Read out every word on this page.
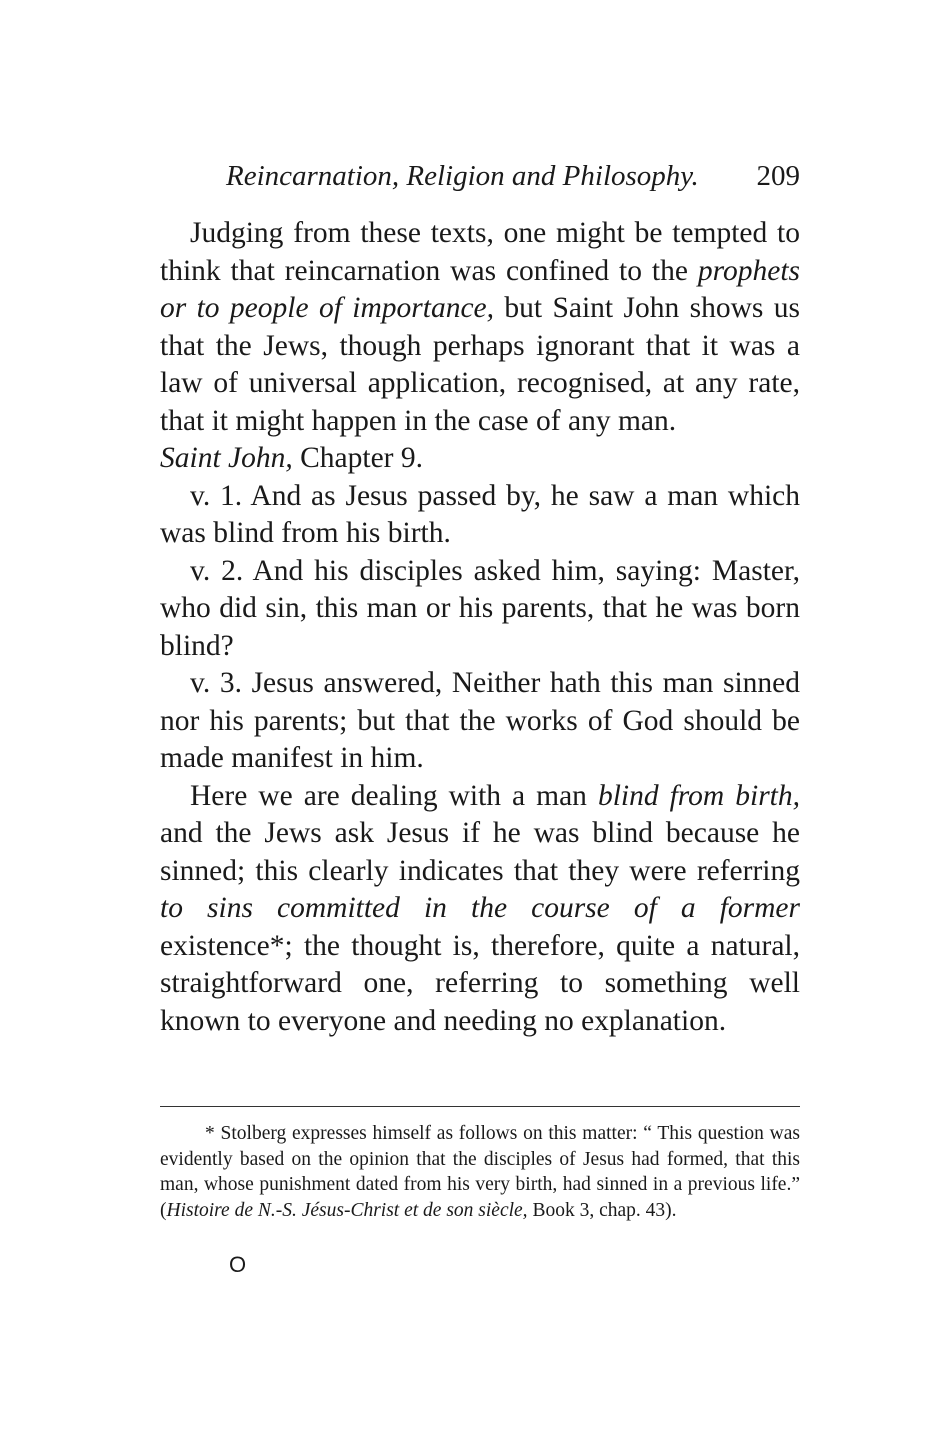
Reincarnation, Religion and Philosophy. 209

Judging from these texts, one might be tempted to think that reincarnation was confined to the prophets or to people of importance, but Saint John shows us that the Jews, though perhaps ignorant that it was a law of universal application, recognised, at any rate, that it might happen in the case of any man.

Saint John, Chapter 9.

v. 1. And as Jesus passed by, he saw a man which was blind from his birth.

v. 2. And his disciples asked him, saying: Master, who did sin, this man or his parents, that he was born blind?

v. 3. Jesus answered, Neither hath this man sinned nor his parents; but that the works of God should be made manifest in him.

Here we are dealing with a man blind from birth, and the Jews ask Jesus if he was blind because he sinned; this clearly indicates that they were referring to sins committed in the course of a former existence*; the thought is, therefore, quite a natural, straightforward one, referring to something well known to everyone and needing no explanation.

* Stolberg expresses himself as follows on this matter: “ This question was evidently based on the opinion that the disciples of Jesus had formed, that this man, whose punishment dated from his very birth, had sinned in a previous life.” (Histoire de N.-S. Jésus-Christ et de son siècle, Book 3, chap. 43).

O
